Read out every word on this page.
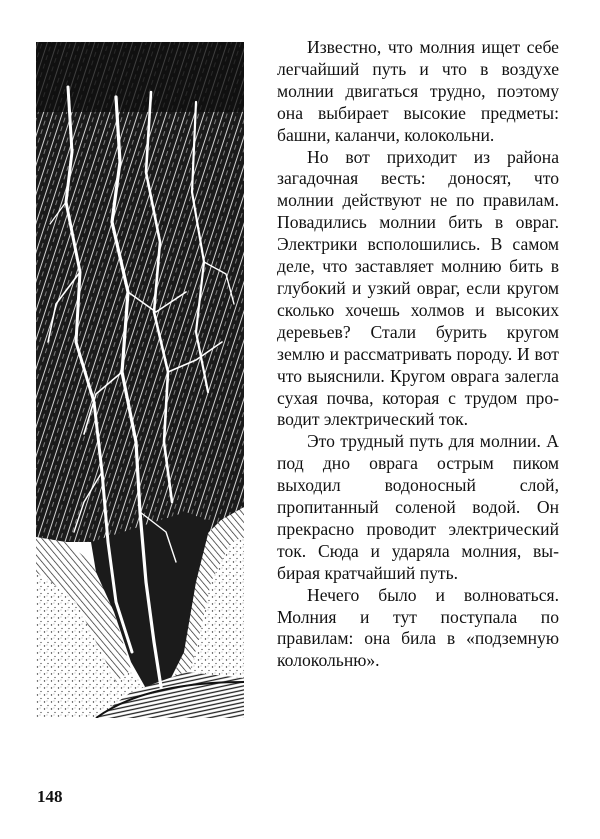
Известно, что молния ищет себе легчайший путь и что в воздухе молнии двигаться трудно, поэтому она выбирает высокие предметы: башни, каланчи, колокольни.

Но вот приходит из района загадочная весть: доносят, что молнии действуют не по правилам. Повадились молнии бить в овраг. Электрики всполошились. В самом деле, что заставляет молнию бить в глубокий и узкий овраг, если кругом сколько хочешь холмов и высоких деревьев? Стали бурить кругом землю и рассматривать породу. И вот что выяснили. Кругом оврага залегла сухая почва, которая с трудом проводит электрический ток.

Это трудный путь для молнии. А под дно оврага острым пиком выходил водоносный слой, пропитанный соленой водой. Он прекрасно проводит электрический ток. Сюда и ударяла молния, выбирая кратчайший путь.

Нечего было и волноваться. Молния и тут поступала по правилам: она била в «подземную колокольню».

148
